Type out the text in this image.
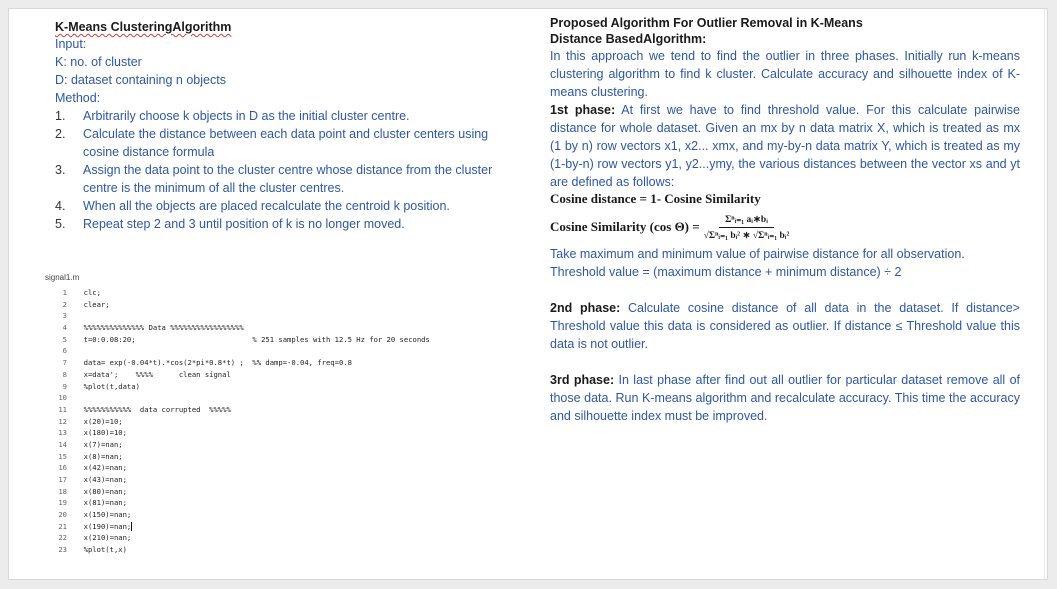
K-Means ClusteringAlgorithm
Input:
K: no. of cluster
D: dataset containing n objects
Method:
1. Arbitrarily choose k objects in D as the initial cluster centre.
2. Calculate the distance between each data point and cluster centers using cosine distance formula
3. Assign the data point to the cluster centre whose distance from the cluster centre is the minimum of all the cluster centres.
4. When all the objects are placed recalculate the centroid k position.
5. Repeat step 2 and 3 until position of k is no longer moved.
signal1.m
1	clc;
2	clear;
3
4	%%%%%%%%%%%%%% Data %%%%%%%%%%%%%%%%%
5	t=0:0.08:20;                           % 251 samples with 12.5 Hz for 20 seconds
6
7	data= exp(-0.04*t).*cos(2*pi*0.8*t) ;  %% damp=-0.04, freq=0.8
8	x=data';    %%%%      clean signal
9	%plot(t,data)
10
11	%%%%%%%%%%%  data corrupted  %%%%%
12	x(20)=10;
13	x(180)=10;
14	x(7)=nan;
15	x(8)=nan;
16	x(42)=nan;
17	x(43)=nan;
18	x(80)=nan;
19	x(81)=nan;
20	x(150)=nan;
21	x(190)=nan;
22	x(210)=nan;
23	%plot(t,x)
Proposed Algorithm For Outlier Removal in K-Means
Distance BasedAlgorithm:
In this approach we tend to find the outlier in three phases. Initially run k-means clustering algorithm to find k cluster. Calculate accuracy and silhouette index of K-means clustering.
1st phase: At first we have to find threshold value. For this calculate pairwise distance for whole dataset. Given an mx by n data matrix X, which is treated as mx (1 by n) row vectors x1, x2... xmx, and my-by-n data matrix Y, which is treated as my (1-by-n) row vectors y1, y2...ymy, the various distances between the vector xs and yt are defined as follows:
Cosine distance = 1- Cosine Similarity
Cosine Similarity (cos $\Theta) = \frac{\text{Σⁿᵢ₌₁ aᵢ∗bᵢ}}{\text{√Σⁿᵢ₌₁ bᵢ² ∗ √Σⁿᵢ₌₁ bᵢ²}}$
Take maximum and minimum value of pairwise distance for all observation.
Threshold value = (maximum distance + minimum distance) ÷ 2
2nd phase: Calculate cosine distance of all data in the dataset. If distance> Threshold value this data is considered as outlier. If distance ≤ Threshold value this data is not outlier.
3rd phase: In last phase after find out all outlier for particular dataset remove all of those data. Run K-means algorithm and recalculate accuracy. This time the accuracy and silhouette index must be improved.
